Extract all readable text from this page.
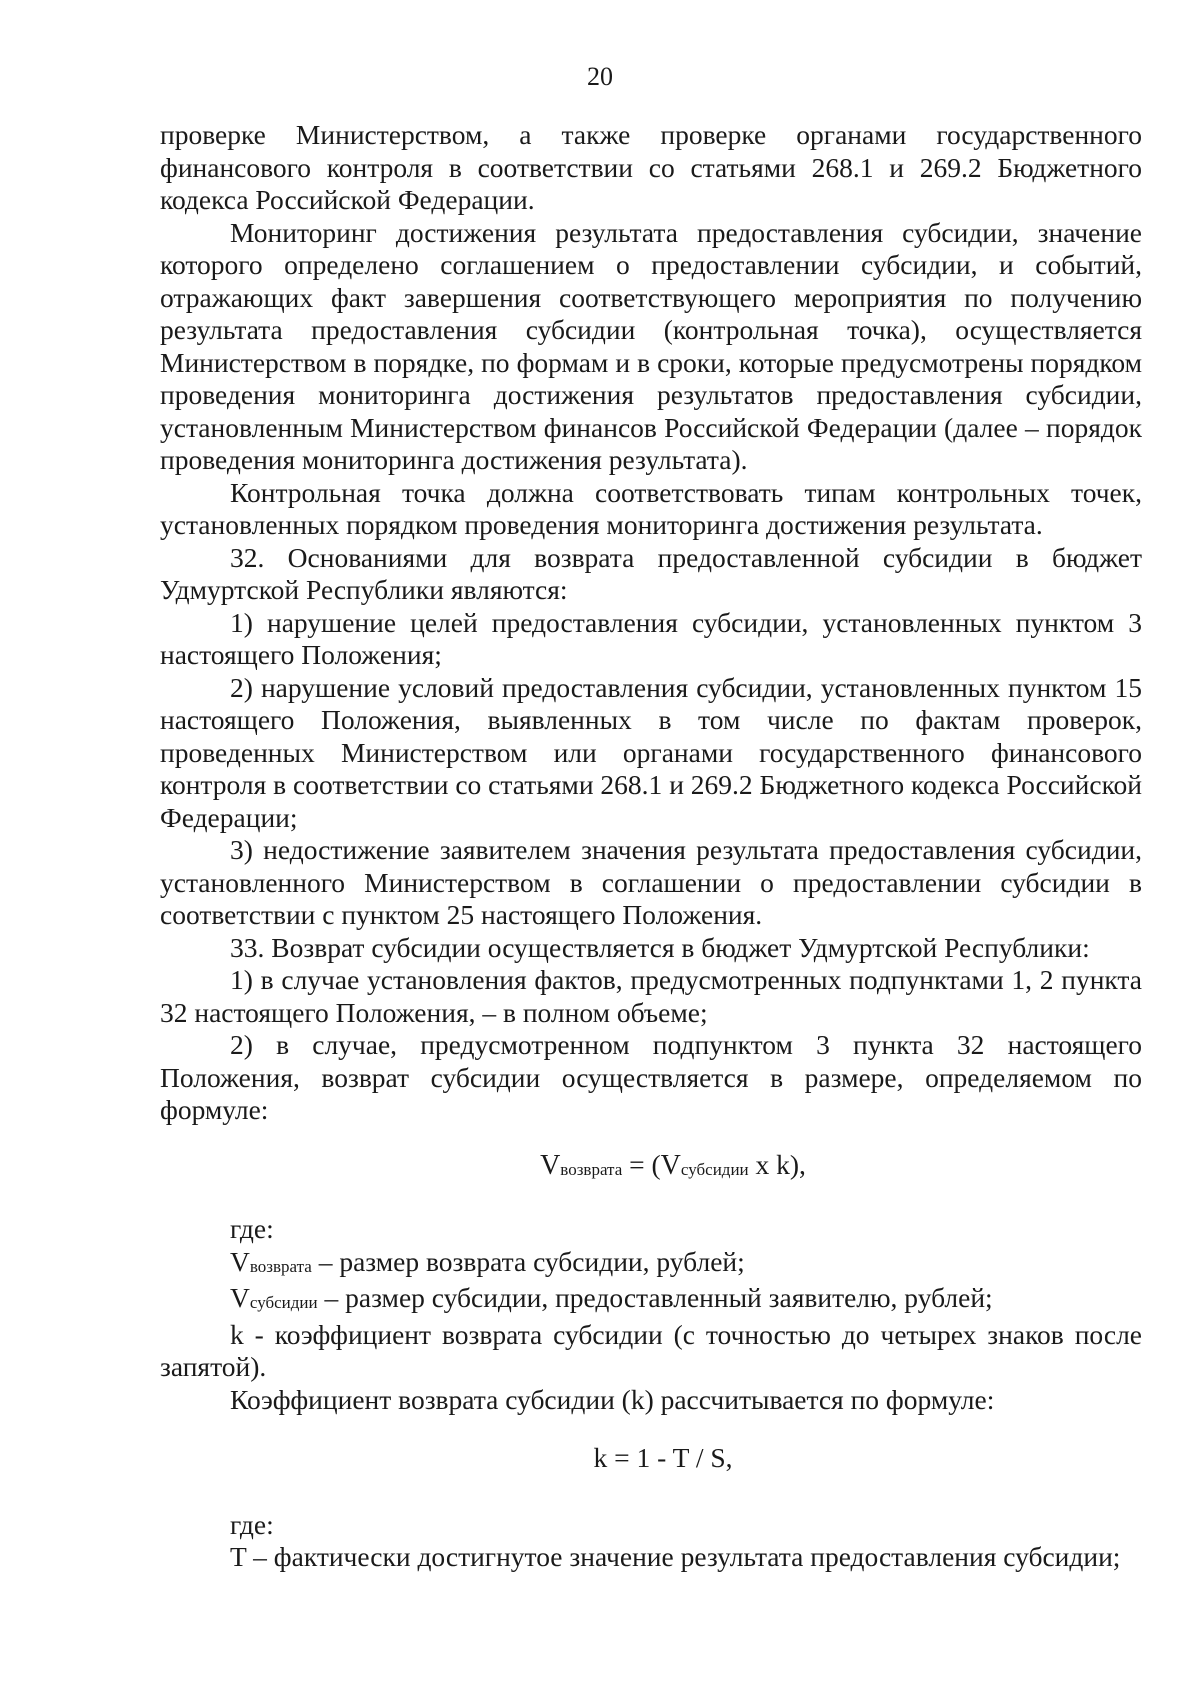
20

проверке Министерством, а также проверке органами государственного финансового контроля в соответствии со статьями 268.1 и 269.2 Бюджетного кодекса Российской Федерации.

Мониторинг достижения результата предоставления субсидии, значение которого определено соглашением о предоставлении субсидии, и событий, отражающих факт завершения соответствующего мероприятия по получению результата предоставления субсидии (контрольная точка), осуществляется Министерством в порядке, по формам и в сроки, которые предусмотрены порядком проведения мониторинга достижения результатов предоставления субсидии, установленным Министерством финансов Российской Федерации (далее – порядок проведения мониторинга достижения результата).

Контрольная точка должна соответствовать типам контрольных точек, установленных порядком проведения мониторинга достижения результата.

32. Основаниями для возврата предоставленной субсидии в бюджет Удмуртской Республики являются:

1) нарушение целей предоставления субсидии, установленных пунктом 3 настоящего Положения;

2) нарушение условий предоставления субсидии, установленных пунктом 15 настоящего Положения, выявленных в том числе по фактам проверок, проведенных Министерством или органами государственного финансового контроля в соответствии со статьями 268.1 и 269.2 Бюджетного кодекса Российской Федерации;

3) недостижение заявителем значения результата предоставления субсидии, установленного Министерством в соглашении о предоставлении субсидии в соответствии с пунктом 25 настоящего Положения.

33. Возврат субсидии осуществляется в бюджет Удмуртской Республики:

1) в случае установления фактов, предусмотренных подпунктами 1, 2 пункта 32 настоящего Положения, – в полном объеме;

2) в случае, предусмотренном подпунктом 3 пункта 32 настоящего Положения, возврат субсидии осуществляется в размере, определяемом по формуле:

Vвозврата = (Vсубсидии x k),

где:

Vвозврата – размер возврата субсидии, рублей;

Vсубсидии – размер субсидии, предоставленный заявителю, рублей;

k - коэффициент возврата субсидии (с точностью до четырех знаков после запятой).

Коэффициент возврата субсидии (k) рассчитывается по формуле:

k = 1 - T / S,

где:

T – фактически достигнутое значение результата предоставления субсидии;
